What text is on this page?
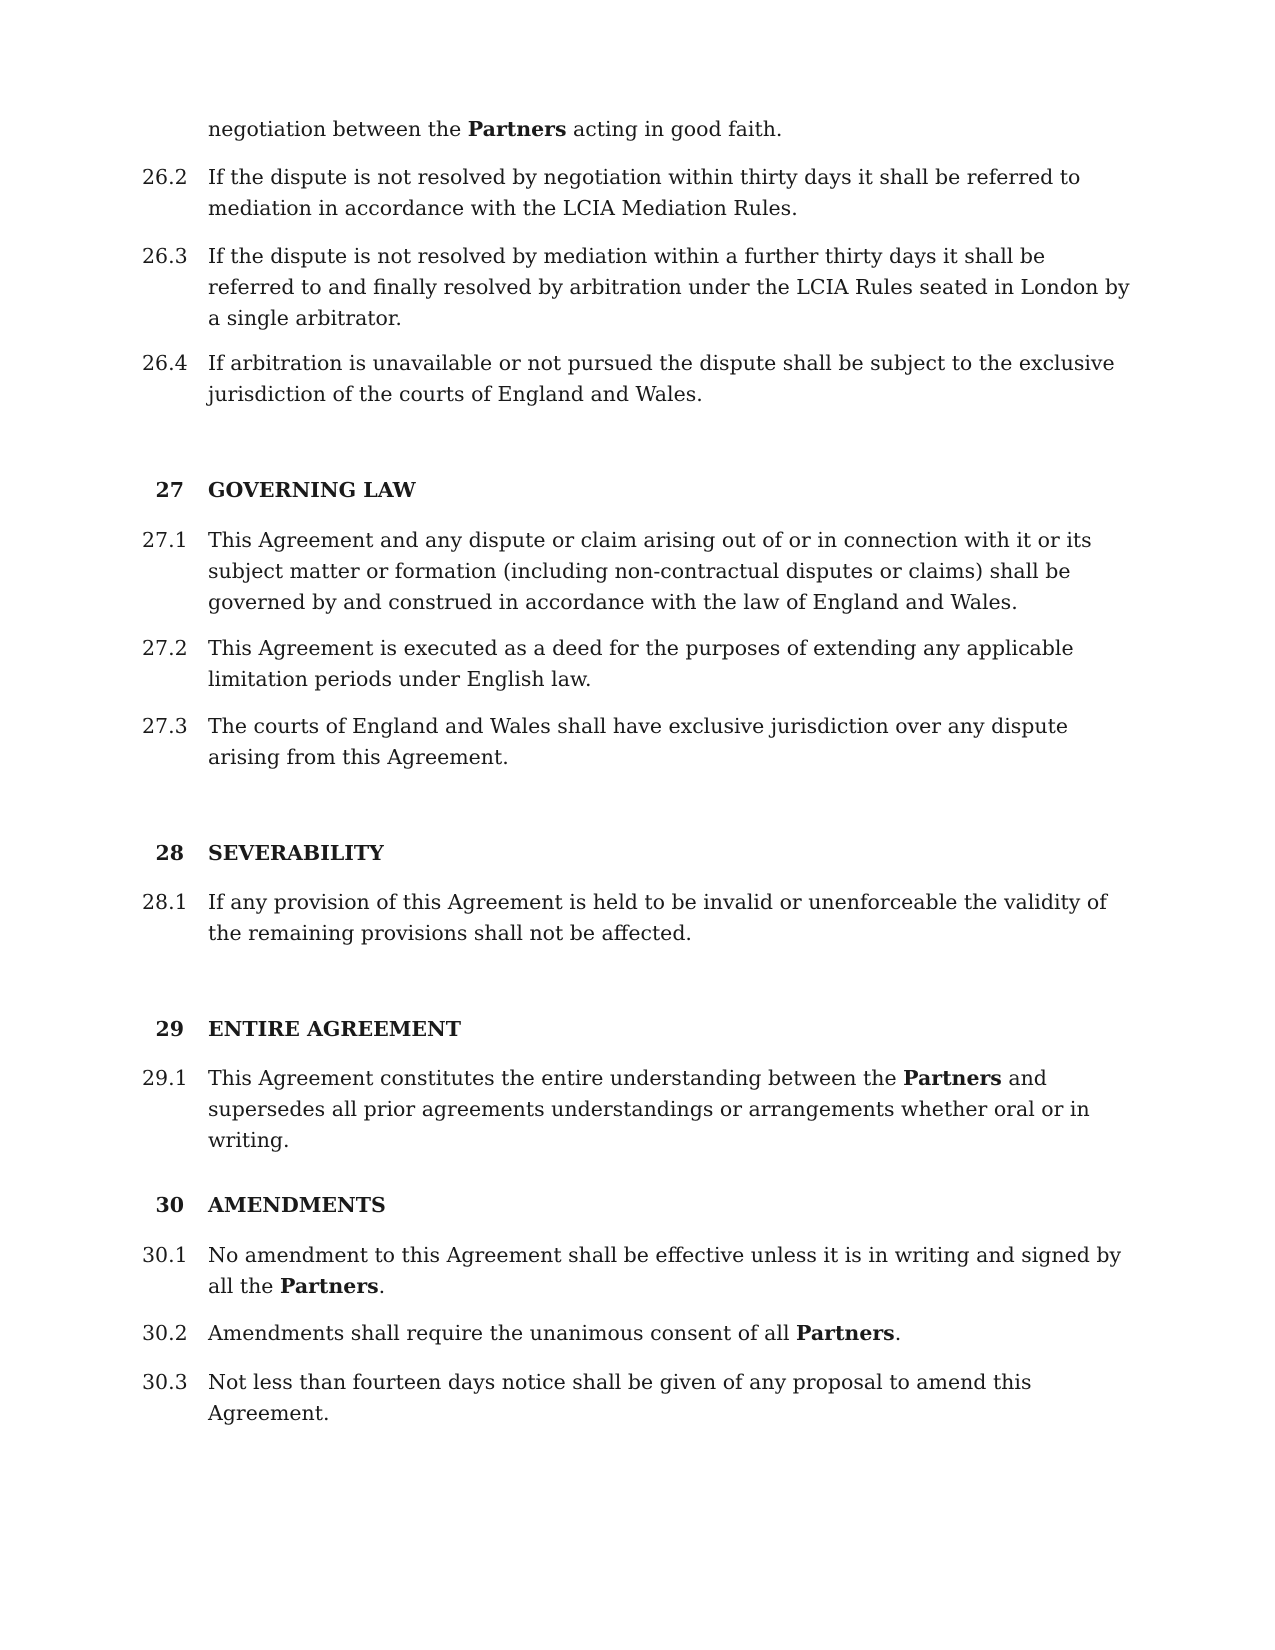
negotiation between the Partners acting in good faith.
26.2 If the dispute is not resolved by negotiation within thirty days it shall be referred to mediation in accordance with the LCIA Mediation Rules.
26.3 If the dispute is not resolved by mediation within a further thirty days it shall be referred to and finally resolved by arbitration under the LCIA Rules seated in London by a single arbitrator.
26.4 If arbitration is unavailable or not pursued the dispute shall be subject to the exclusive jurisdiction of the courts of England and Wales.
27 GOVERNING LAW
27.1 This Agreement and any dispute or claim arising out of or in connection with it or its subject matter or formation (including non-contractual disputes or claims) shall be governed by and construed in accordance with the law of England and Wales.
27.2 This Agreement is executed as a deed for the purposes of extending any applicable limitation periods under English law.
27.3 The courts of England and Wales shall have exclusive jurisdiction over any dispute arising from this Agreement.
28 SEVERABILITY
28.1 If any provision of this Agreement is held to be invalid or unenforceable the validity of the remaining provisions shall not be affected.
29 ENTIRE AGREEMENT
29.1 This Agreement constitutes the entire understanding between the Partners and supersedes all prior agreements understandings or arrangements whether oral or in writing.
30 AMENDMENTS
30.1 No amendment to this Agreement shall be effective unless it is in writing and signed by all the Partners.
30.2 Amendments shall require the unanimous consent of all Partners.
30.3 Not less than fourteen days notice shall be given of any proposal to amend this Agreement.
